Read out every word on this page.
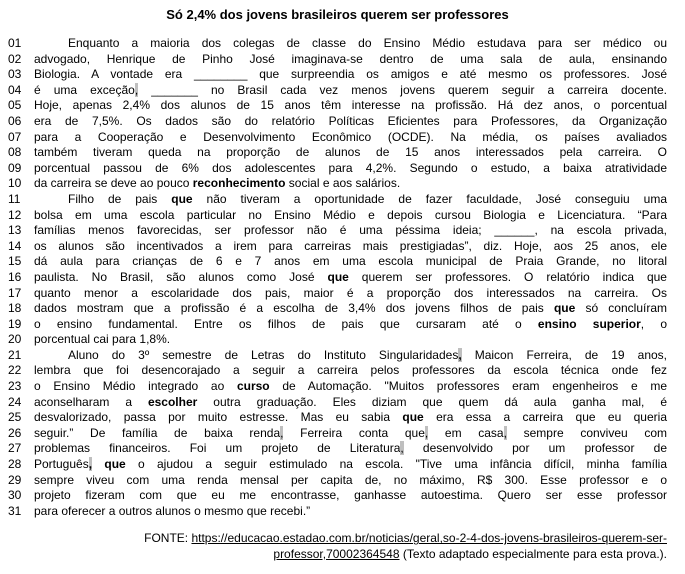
Só 2,4% dos jovens brasileiros querem ser professores
01	Enquanto a maioria dos colegas de classe do Ensino Médio estudava para ser médico ou
02	advogado, Henrique de Pinho José imaginava-se dentro de uma sala de aula, ensinando
03	Biologia. A vontade era ________ que surpreendia os amigos e até mesmo os professores. José
04	é uma exceção, _______ no Brasil cada vez menos jovens querem seguir a carreira docente.
05	Hoje, apenas 2,4% dos alunos de 15 anos têm interesse na profissão. Há dez anos, o porcentual
06	era de 7,5%. Os dados são do relatório Políticas Eficientes para Professores, da Organização
07	para a Cooperação e Desenvolvimento Econômico (OCDE). Na média, os países avaliados
08	também tiveram queda na proporção de alunos de 15 anos interessados pela carreira. O
09	porcentual passou de 6% dos adolescentes para 4,2%. Segundo o estudo, a baixa atratividade
10	da carreira se deve ao pouco reconhecimento social e aos salários.
11	Filho de pais que não tiveram a oportunidade de fazer faculdade, José conseguiu uma
12	bolsa em uma escola particular no Ensino Médio e depois cursou Biologia e Licenciatura. “Para
13	famílias menos favorecidas, ser professor não é uma péssima ideia; ______, na escola privada,
14	os alunos são incentivados a irem para carreiras mais prestigiadas”, diz. Hoje, aos 25 anos, ele
15	dá aula para crianças de 6 e 7 anos em uma escola municipal de Praia Grande, no litoral
16	paulista. No Brasil, são alunos como José que querem ser professores. O relatório indica que
17	quanto menor a escolaridade dos pais, maior é a proporção dos interessados na carreira. Os
18	dados mostram que a profissão é a escolha de 3,4% dos jovens filhos de pais que só concluíram
19	o ensino fundamental. Entre os filhos de pais que cursaram até o ensino superior, o
20	porcentual cai para 1,8%.
21	Aluno do 3º semestre de Letras do Instituto Singularidades, Maicon Ferreira, de 19 anos,
22	lembra que foi desencorajado a seguir a carreira pelos professores da escola técnica onde fez
23	o Ensino Médio integrado ao curso de Automação. "Muitos professores eram engenheiros e me
24	aconselharam a escolher outra graduação. Eles diziam que quem dá aula ganha mal, é
25	desvalorizado, passa por muito estresse. Mas eu sabia que era essa a carreira que eu queria
26	seguir.” De família de baixa renda, Ferreira conta que, em casa, sempre conviveu com
27	problemas financeiros. Foi um projeto de Literatura, desenvolvido por um professor de
28	Português, que o ajudou a seguir estimulado na escola. "Tive uma infância difícil, minha família
29	sempre viveu com uma renda mensal per capita de, no máximo, R$ 300. Esse professor e o
30	projeto fizeram com que eu me encontrasse, ganhasse autoestima. Quero ser esse professor
31	para oferecer a outros alunos o mesmo que recebi.”
FONTE: https://educacao.estadao.com.br/noticias/geral,so-2-4-dos-jovens-brasileiros-querem-ser-
professor,70002364548 (Texto adaptado especialmente para esta prova.).
